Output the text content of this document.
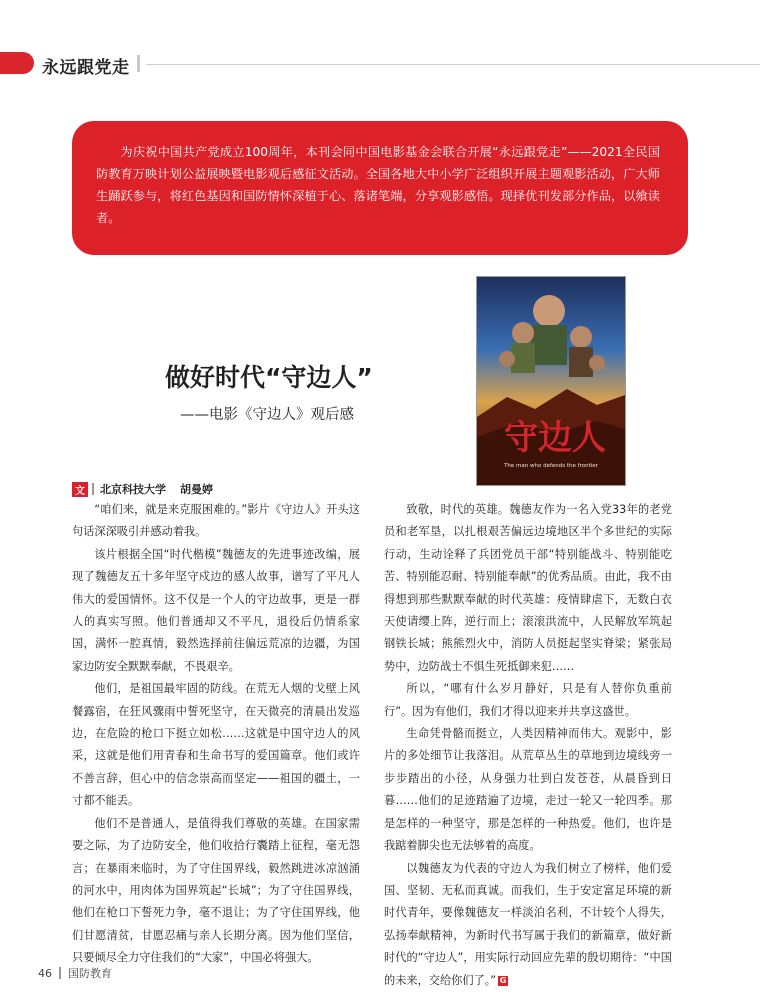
永远跟党走

为庆祝中国共产党成立100周年，本刊会同中国电影基金会联合开展“永远跟党走”——2021全民国防教育万映计划公益展映暨电影观后感征文活动。全国各地大中小学广泛组织开展主题观影活动，广大师生踊跃参与，将红色基因和国防情怀深植于心、落诸笔端，分享观影感悟。现择优刊发部分作品，以飨读者。

守边人
The man who defends the frontier
做好时代“守边人”
——电影《守边人》观后感
文 北京科技大学 胡曼婷

“咱们来，就是来克服困难的。”影片《守边人》开头这句话深深吸引并感动着我。

该片根据全国“时代楷模”魏德友的先进事迹改编，展现了魏德友五十多年坚守戍边的感人故事，谱写了平凡人伟大的爱国情怀。这不仅是一个人的守边故事，更是一群人的真实写照。他们普通却又不平凡，退役后仍情系家国，满怀一腔真情，毅然选择前往偏远荒凉的边疆，为国家边防安全默默奉献，不畏艰辛。

他们，是祖国最牢固的防线。在荒无人烟的戈壁上风餐露宿，在狂风骤雨中誓死坚守，在天微亮的清晨出发巡边，在危险的枪口下挺立如松……这就是中国守边人的风采，这就是他们用青春和生命书写的爱国篇章。他们或许不善言辞，但心中的信念崇高而坚定——祖国的疆土，一寸都不能丢。

他们不是普通人，是值得我们尊敬的英雄。在国家需要之际，为了边防安全，他们收拾行囊踏上征程，毫无怨言；在暴雨来临时，为了守住国界线，毅然跳进冰凉汹涌的河水中，用肉体为国界筑起“长城”；为了守住国界线，他们在枪口下誓死力争，毫不退让；为了守住国界线，他们甘愿清贫，甘愿忍痛与亲人长期分离。因为他们坚信，只要倾尽全力守住我们的“大家”，中国必将强大。

致敬，时代的英雄。魏德友作为一名入党33年的老党员和老军垦，以扎根艰苦偏远边境地区半个多世纪的实际行动，生动诠释了兵团党员干部“特别能战斗、特别能吃苦、特别能忍耐、特别能奉献”的优秀品质。由此，我不由得想到那些默默奉献的时代英雄：疫情肆虐下，无数白衣天使请缨上阵，逆行而上；滚滚洪流中，人民解放军筑起钢铁长城；熊熊烈火中，消防人员挺起坚实脊梁；紧张局势中，边防战士不惧生死抵御来犯……

所以，“哪有什么岁月静好，只是有人替你负重前行”。因为有他们，我们才得以迎来并共享这盛世。

生命凭骨骼而挺立，人类因精神而伟大。观影中，影片的多处细节让我落泪。从荒草丛生的草地到边境线旁一步步踏出的小径，从身强力壮到白发苍苍，从晨昏到日暮……他们的足迹踏遍了边境，走过一轮又一轮四季。那是怎样的一种坚守，那是怎样的一种热爱。他们，也许是我踮着脚尖也无法够着的高度。

以魏德友为代表的守边人为我们树立了榜样，他们爱国、坚韧、无私而真诚。而我们，生于安定富足环境的新时代青年，要像魏德友一样淡泊名利，不计较个人得失，弘扬奉献精神，为新时代书写属于我们的新篇章，做好新时代的“守边人”，用实际行动回应先辈的殷切期待：“中国的未来，交给你们了。” G

46 国防教育
